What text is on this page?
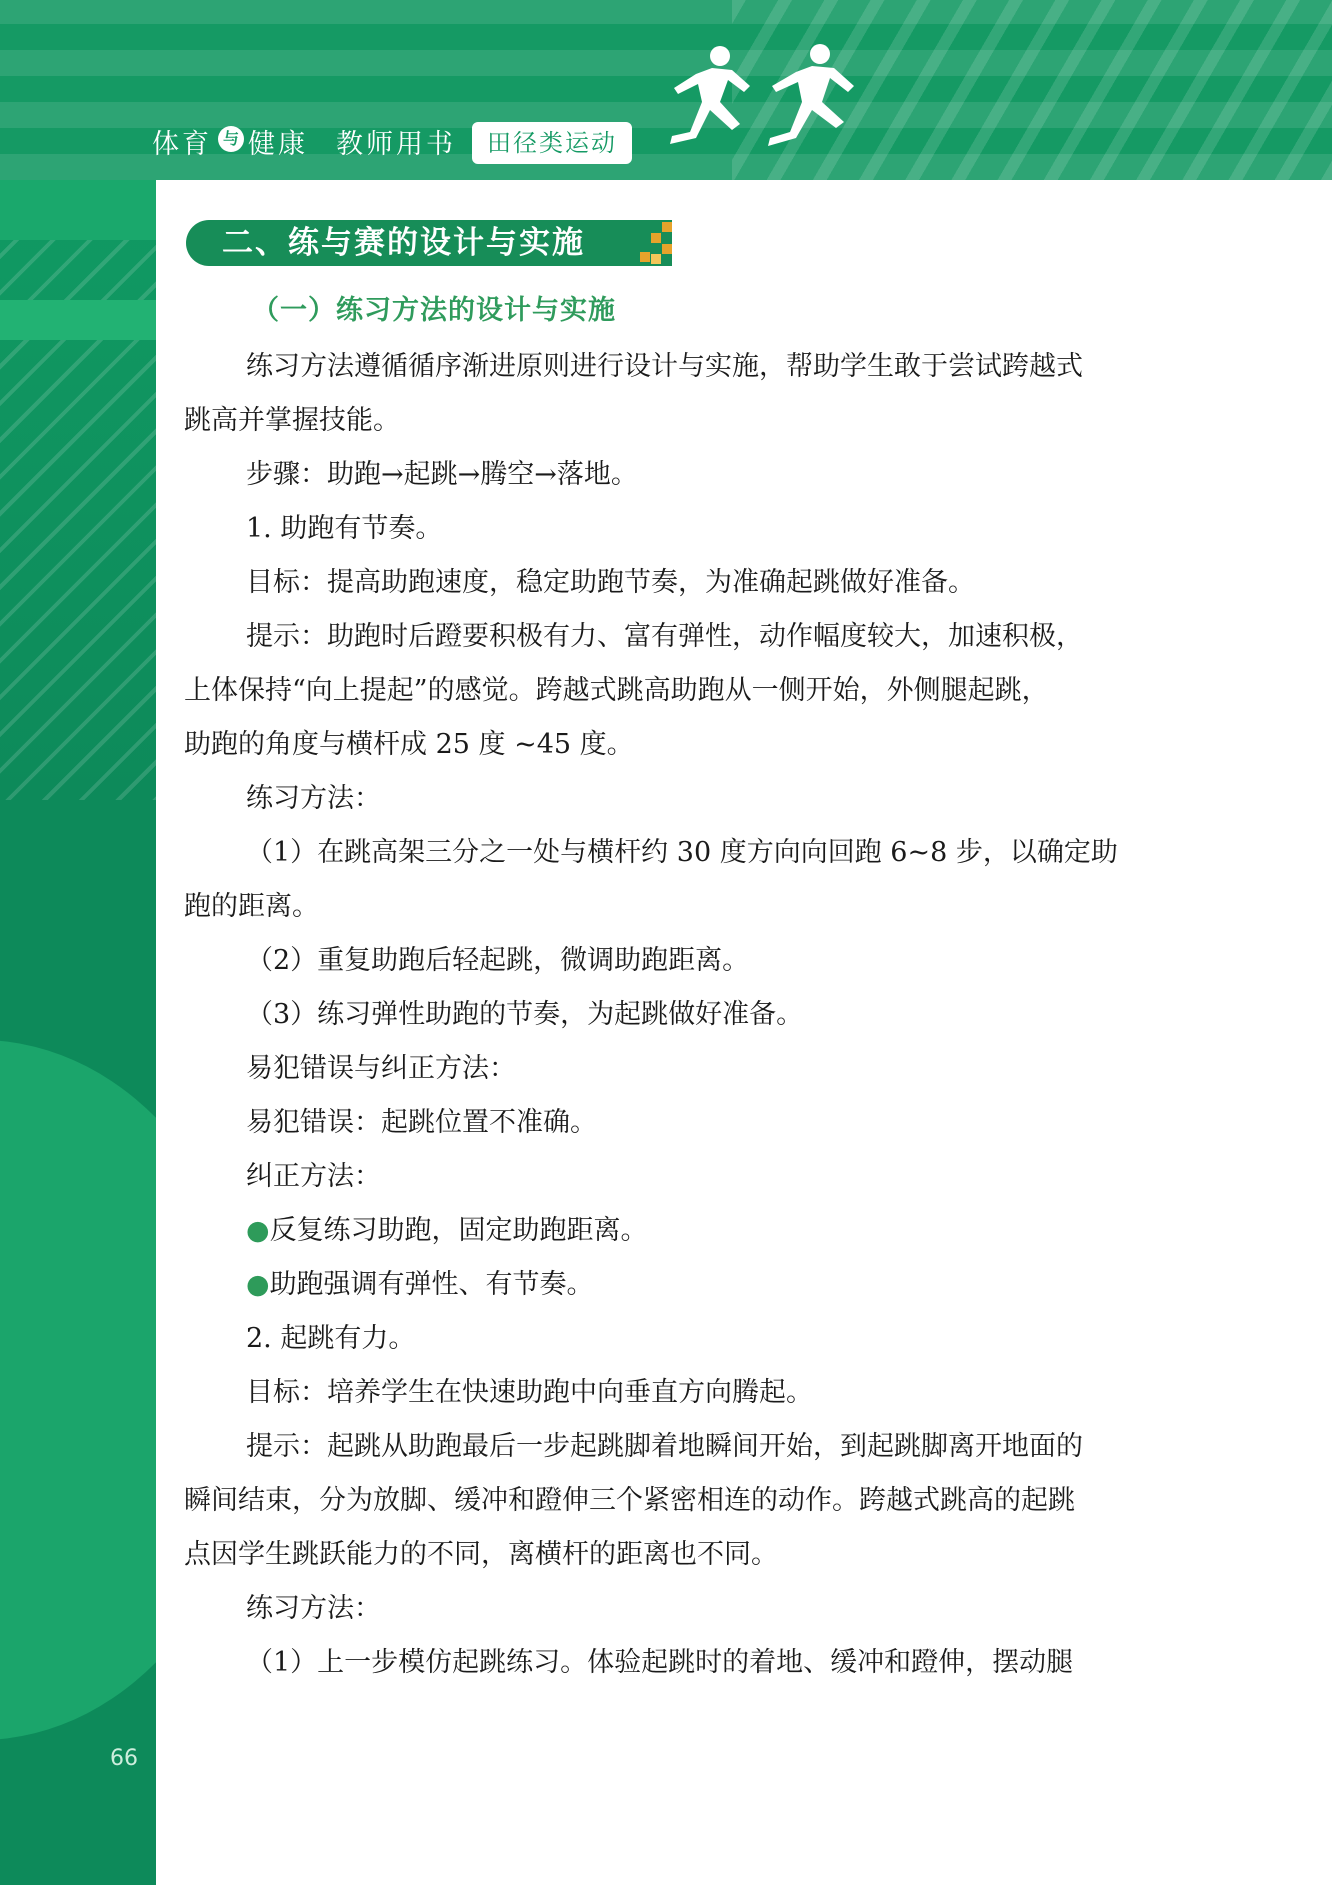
体育 与 健康 教师用书	田径类运动
二、练与赛的设计与实施
（一）练习方法的设计与实施

练习方法遵循循序渐进原则进行设计与实施，帮助学生敢于尝试跨越式

跳高并掌握技能。

步骤：助跑→起跳→腾空→落地。

1. 助跑有节奏。

目标：提高助跑速度，稳定助跑节奏，为准确起跳做好准备。

提示：助跑时后蹬要积极有力、富有弹性，动作幅度较大，加速积极，

上体保持“向上提起”的感觉。跨越式跳高助跑从一侧开始，外侧腿起跳，

助跑的角度与横杆成 25 度 ~45 度。

练习方法：

（1）在跳高架三分之一处与横杆约 30 度方向向回跑 6~8 步，以确定助

跑的距离。

（2）重复助跑后轻起跳，微调助跑距离。

（3）练习弹性助跑的节奏，为起跳做好准备。

易犯错误与纠正方法：

易犯错误：起跳位置不准确。

纠正方法：

●反复练习助跑，固定助跑距离。

●助跑强调有弹性、有节奏。

2. 起跳有力。

目标：培养学生在快速助跑中向垂直方向腾起。

提示：起跳从助跑最后一步起跳脚着地瞬间开始，到起跳脚离开地面的

瞬间结束，分为放脚、缓冲和蹬伸三个紧密相连的动作。跨越式跳高的起跳

点因学生跳跃能力的不同，离横杆的距离也不同。

练习方法：

（1）上一步模仿起跳练习。体验起跳时的着地、缓冲和蹬伸，摆动腿

66
